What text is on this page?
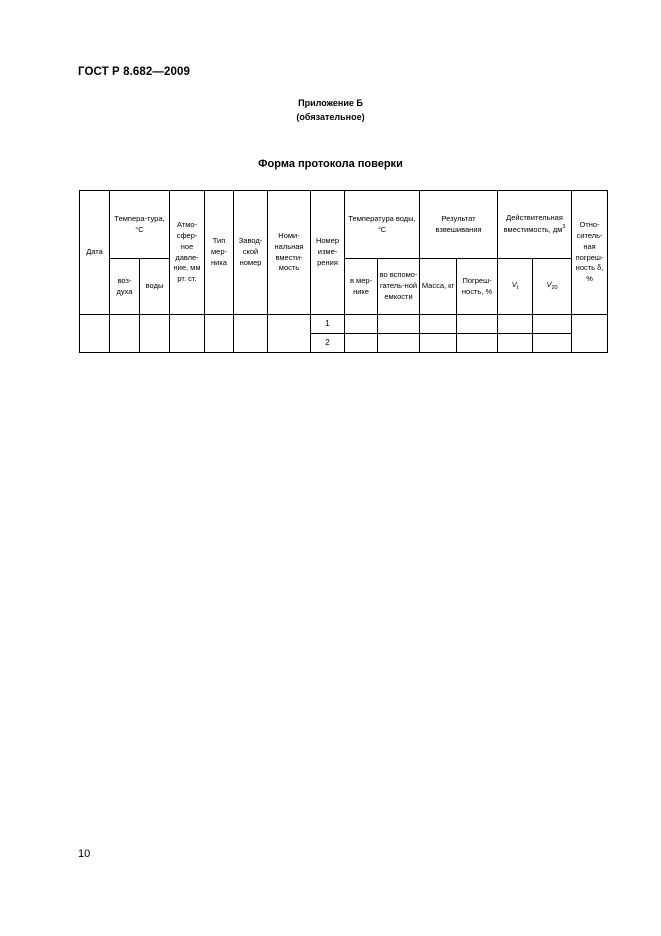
ГОСТ Р 8.682—2009
Приложение Б
(обязательное)
Форма протокола поверки
Дата	Темпера-тура, °С		Атмо-сфер-ное давле-ние, мм рт. ст.	Тип мер-ника	Завод-ской номер	Номи-нальная вмести-мость	Номер изме-рения	Температура воды, °С		Результат взвешивания		Действительная вместимость, $дм^3$		Отно-ситель-ная погреш-ность δ, %

	воз-духа	воды						в мер-нике	во вспомо-гатель-ной емкости	Масса, кг	Погреш-ность, %	$V_t$	$V_{20}$

							1							
							2							
10
